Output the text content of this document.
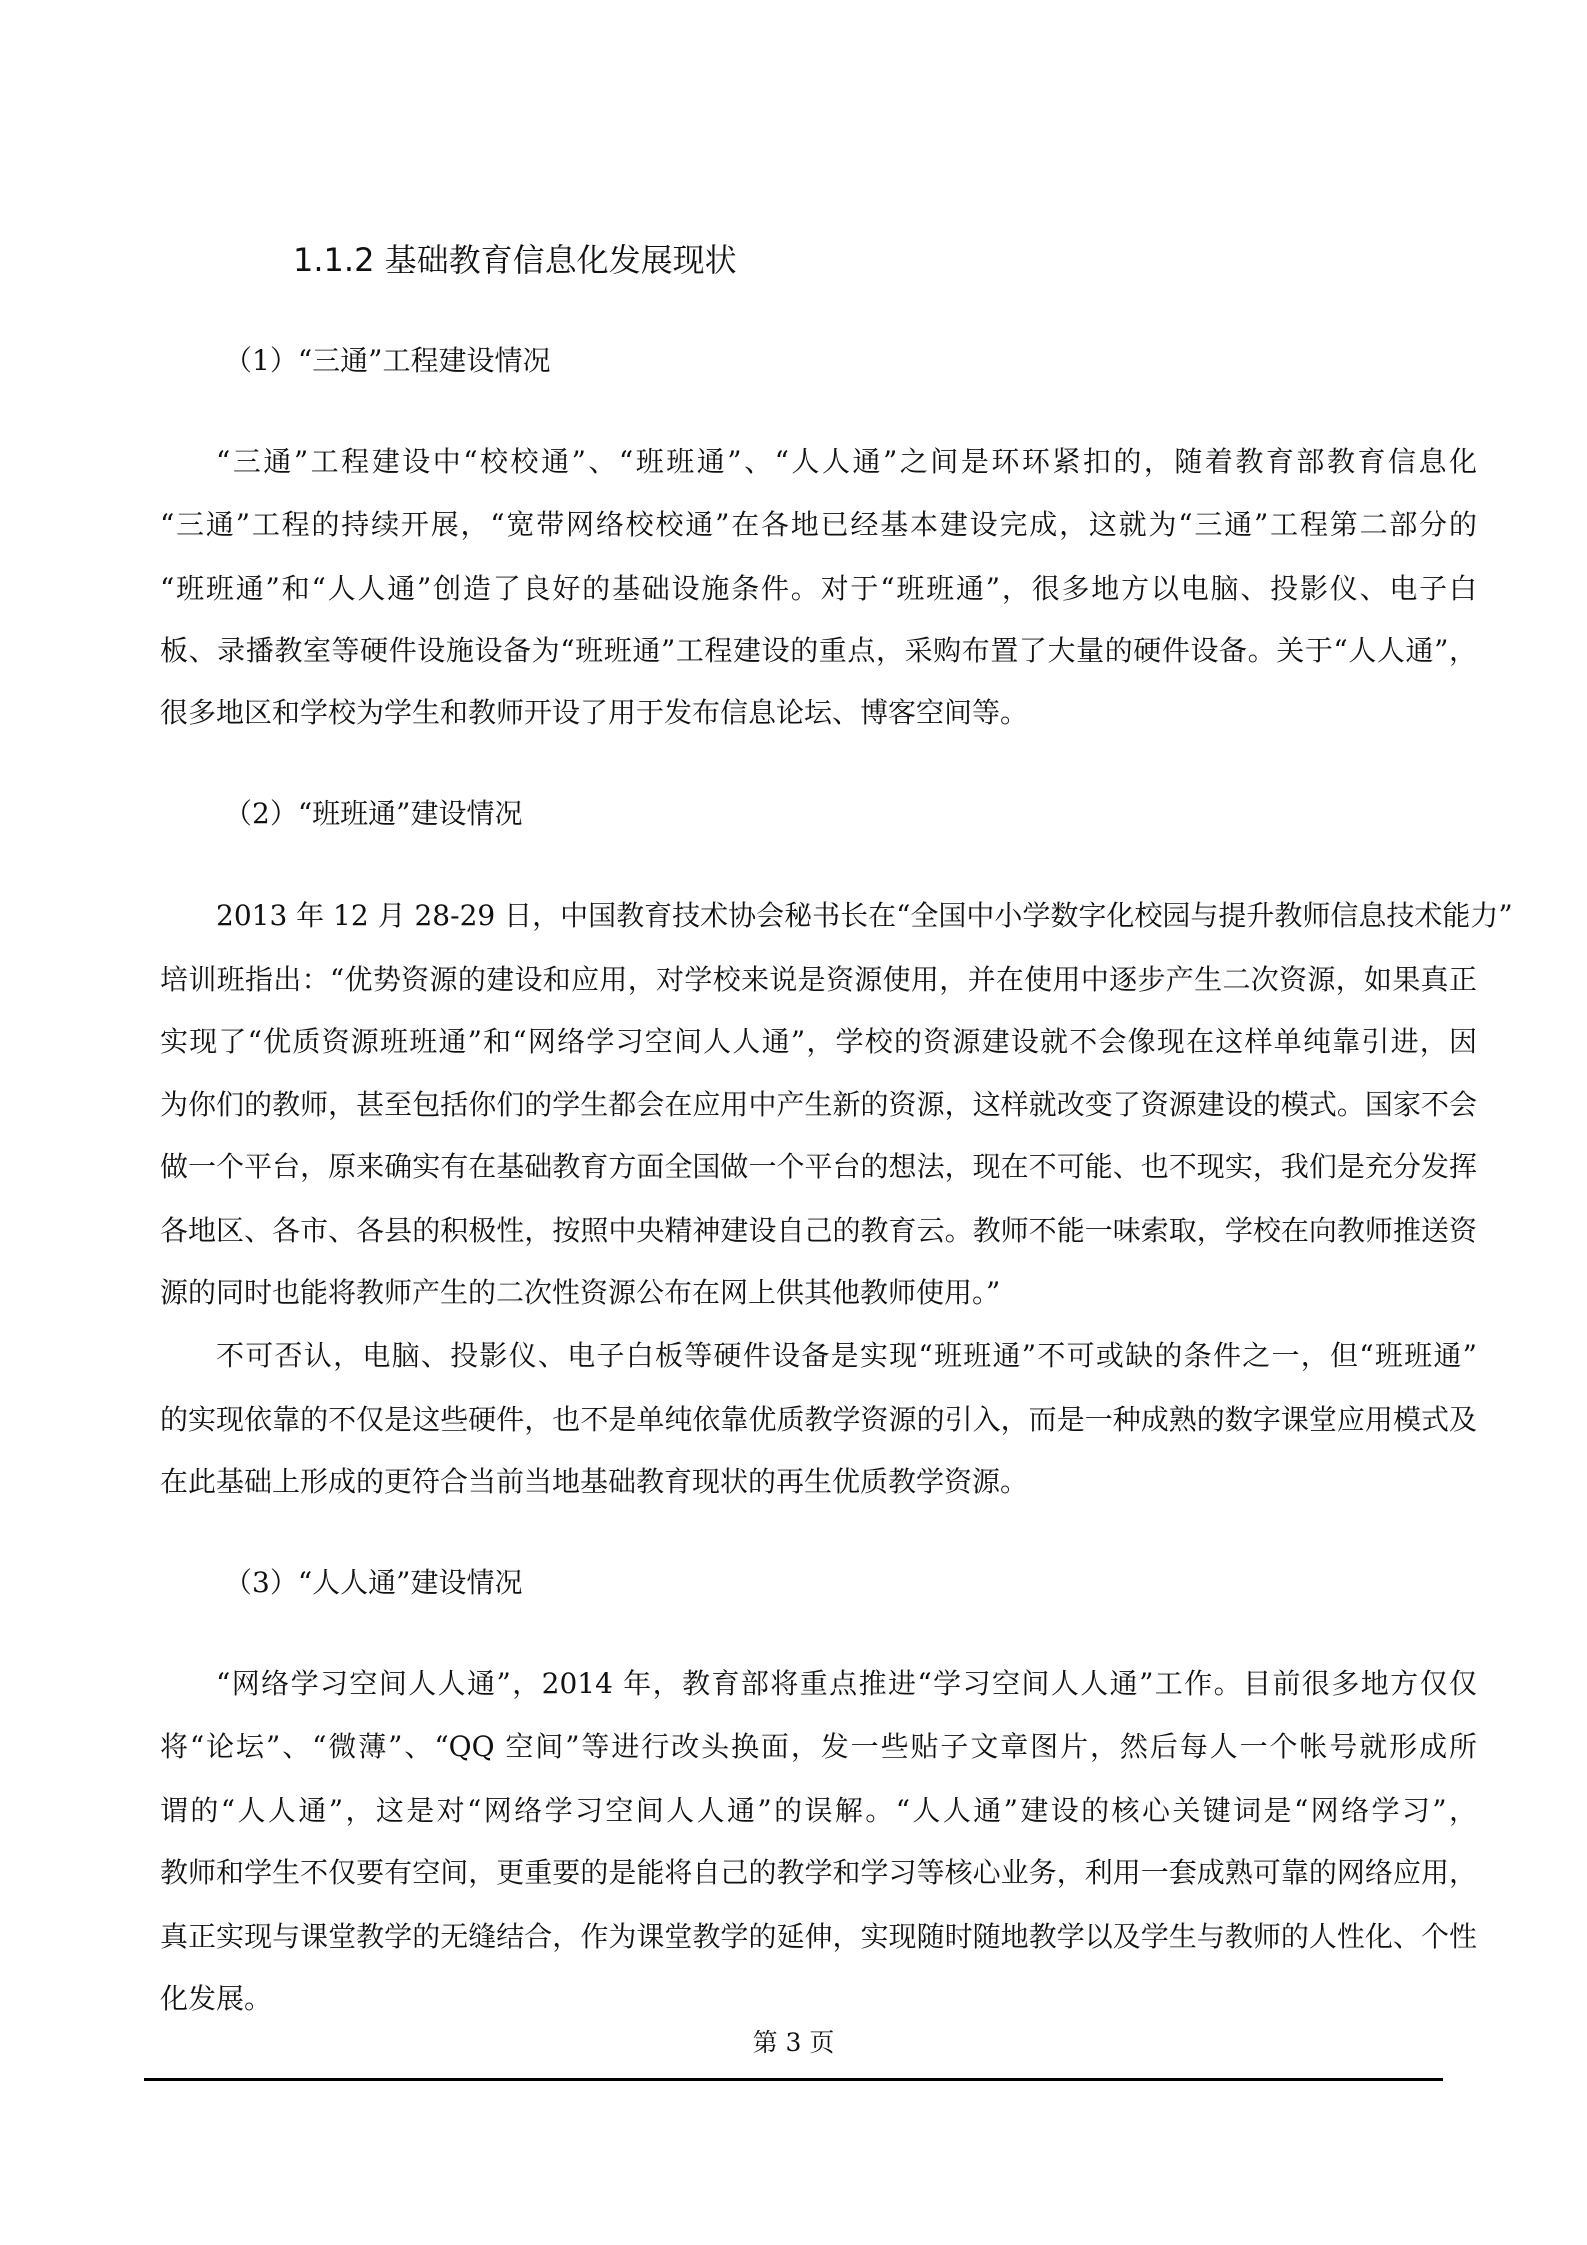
1.1.2 基础教育信息化发展现状
（1）“三通”工程建设情况
“三通”工程建设中“校校通”、“班班通”、“人人通”之间是环环紧扣的，随着教育部教育信息化
“三通”工程的持续开展，“宽带网络校校通”在各地已经基本建设完成，这就为“三通”工程第二部分的
“班班通”和“人人通”创造了良好的基础设施条件。对于“班班通”，很多地方以电脑、投影仪、电子白
板、录播教室等硬件设施设备为“班班通”工程建设的重点，采购布置了大量的硬件设备。关于“人人通”，
很多地区和学校为学生和教师开设了用于发布信息论坛、博客空间等。
（2）“班班通”建设情况
2013 年 12 月 28-29 日，中国教育技术协会秘书长在“全国中小学数字化校园与提升教师信息技术能力”
培训班指出：“优势资源的建设和应用，对学校来说是资源使用，并在使用中逐步产生二次资源，如果真正
实现了“优质资源班班通”和“网络学习空间人人通”，学校的资源建设就不会像现在这样单纯靠引进，因
为你们的教师，甚至包括你们的学生都会在应用中产生新的资源，这样就改变了资源建设的模式。国家不会
做一个平台，原来确实有在基础教育方面全国做一个平台的想法，现在不可能、也不现实，我们是充分发挥
各地区、各市、各县的积极性，按照中央精神建设自己的教育云。教师不能一味索取，学校在向教师推送资
源的同时也能将教师产生的二次性资源公布在网上供其他教师使用。”
不可否认，电脑、投影仪、电子白板等硬件设备是实现“班班通”不可或缺的条件之一，但“班班通”
的实现依靠的不仅是这些硬件，也不是单纯依靠优质教学资源的引入，而是一种成熟的数字课堂应用模式及
在此基础上形成的更符合当前当地基础教育现状的再生优质教学资源。
（3）“人人通”建设情况
“网络学习空间人人通”，2014 年，教育部将重点推进“学习空间人人通”工作。目前很多地方仅仅
将“论坛”、“微薄”、“QQ 空间”等进行改头换面，发一些贴子文章图片，然后每人一个帐号就形成所
谓的“人人通”，这是对“网络学习空间人人通”的误解。“人人通”建设的核心关键词是“网络学习”，
教师和学生不仅要有空间，更重要的是能将自己的教学和学习等核心业务，利用一套成熟可靠的网络应用，
真正实现与课堂教学的无缝结合，作为课堂教学的延伸，实现随时随地教学以及学生与教师的人性化、个性
化发展。
第 3 页
